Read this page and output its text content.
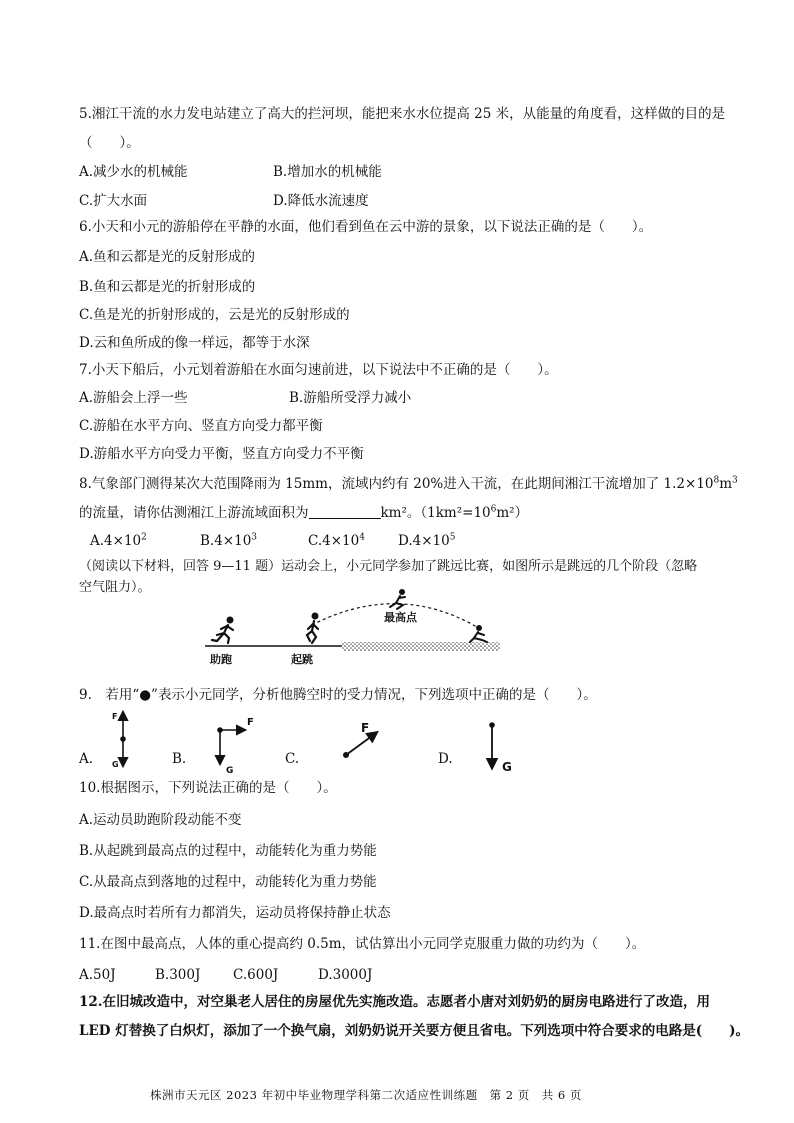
5.湘江干流的水力发电站建立了高大的拦河坝，能把来水水位提高 25 米，从能量的角度看，这样做的目的是
（　　）。
A.减少水的机械能	B.增加水的机械能
C.扩大水面	D.降低水流速度
6.小天和小元的游船停在平静的水面，他们看到鱼在云中游的景象，以下说法正确的是（　　）。
A.鱼和云都是光的反射形成的
B.鱼和云都是光的折射形成的
C.鱼是光的折射形成的，云是光的反射形成的
D.云和鱼所成的像一样远，都等于水深
7.小天下船后，小元划着游船在水面匀速前进，以下说法中不正确的是（　　）。
A.游船会上浮一些	B.游船所受浮力减小
C.游船在水平方向、竖直方向受力都平衡
D.游船水平方向受力平衡，竖直方向受力不平衡
8.气象部门测得某次大范围降雨为 15mm，流域内约有 20%进入干流，在此期间湘江干流增加了 $1.2\times 10^8m^3$
的流量，请你估测湘江上游流域面积为	km²。$(1km^2=10^6m^2)$
$A.4\times 10^2$	$B.4\times 10^3$	$C.4\times 10^4$ $D.4\times 10^5$
（阅读以下材料，回答 9—11 题）运动会上，小元同学参加了跳远比赛，如图所示是跳远的几个阶段（忽略
空气阻力）。
助跑	起跳
最高点
9.　若用“●”表示小元同学，分析他腾空时的受力情况，下列选项中正确的是（　　）。
A.	B.	C.	D.
F
G
F
G
F
G
10.根据图示，下列说法正确的是（　　）。
A.运动员助跑阶段动能不变
B.从起跳到最高点的过程中，动能转化为重力势能
C.从最高点到落地的过程中，动能转化为重力势能
D.最高点时若所有力都消失，运动员将保持静止状态
11.在图中最高点，人体的重心提高约 0.5m，试估算出小元同学克服重力做的功约为（　　）。
A.50J	B.300J C.600J	D.3000J
12.在旧城改造中，对空巢老人居住的房屋优先实施改造。志愿者小唐对刘奶奶的厨房电路进行了改造，用
LED 灯替换了白炽灯，添加了一个换气扇，刘奶奶说开关要方便且省电。下列选项中符合要求的电路是(　　)。
株洲市天元区 2023 年初中毕业物理学科第二次适应性训练题　第 2 页　共 6 页
